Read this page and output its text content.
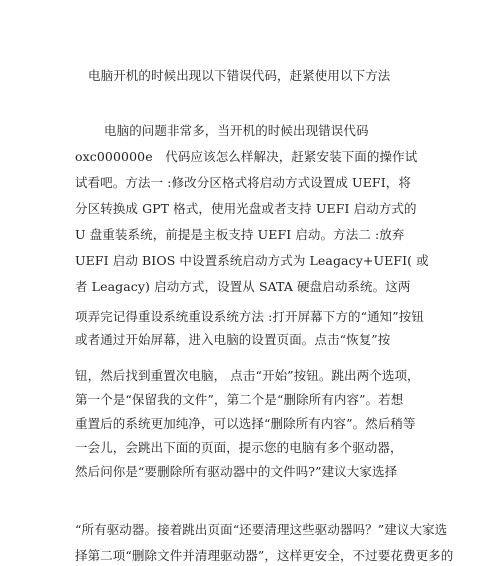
电脑开机的时候出现以下错误代码，赶紧使用以下方法
电脑的问题非常多，当开机的时候出现错误代码
oxc000000e　代码应该怎么样解决，赶紧安装下面的操作试
试看吧。方法一 :修改分区格式将启动方式设置成 UEFI，将
分区转换成 GPT 格式，使用光盘或者支持 UEFI 启动方式的
U 盘重装系统，前提是主板支持 UEFI 启动。方法二 :放弃
UEFI 启动 BIOS 中设置系统启动方式为 Leagacy+UEFI( 或
者 Leagacy) 启动方式，设置从 SATA 硬盘启动系统。这两
项弄完记得重设系统重设系统方法 :打开屏幕下方的“通知”按钮
或者通过开始屏幕，进入电脑的设置页面。点击“恢复”按
钮，然后找到重置次电脑， 点击“开始”按钮。跳出两个选项，
第一个是“保留我的文件”，第二个是“删除所有内容”。若想
重置后的系统更加纯净，可以选择“删除所有内容”。然后稍等
一会儿，会跳出下面的页面，提示您的电脑有多个驱动器，
然后问你是“要删除所有驱动器中的文件吗?”建议大家选择
“所有驱动器。接着跳出页面“还要清理这些驱动器吗？”建议大家选
择第二项“删除文件并清理驱动器”，这样更安全，不过要花费更多的
